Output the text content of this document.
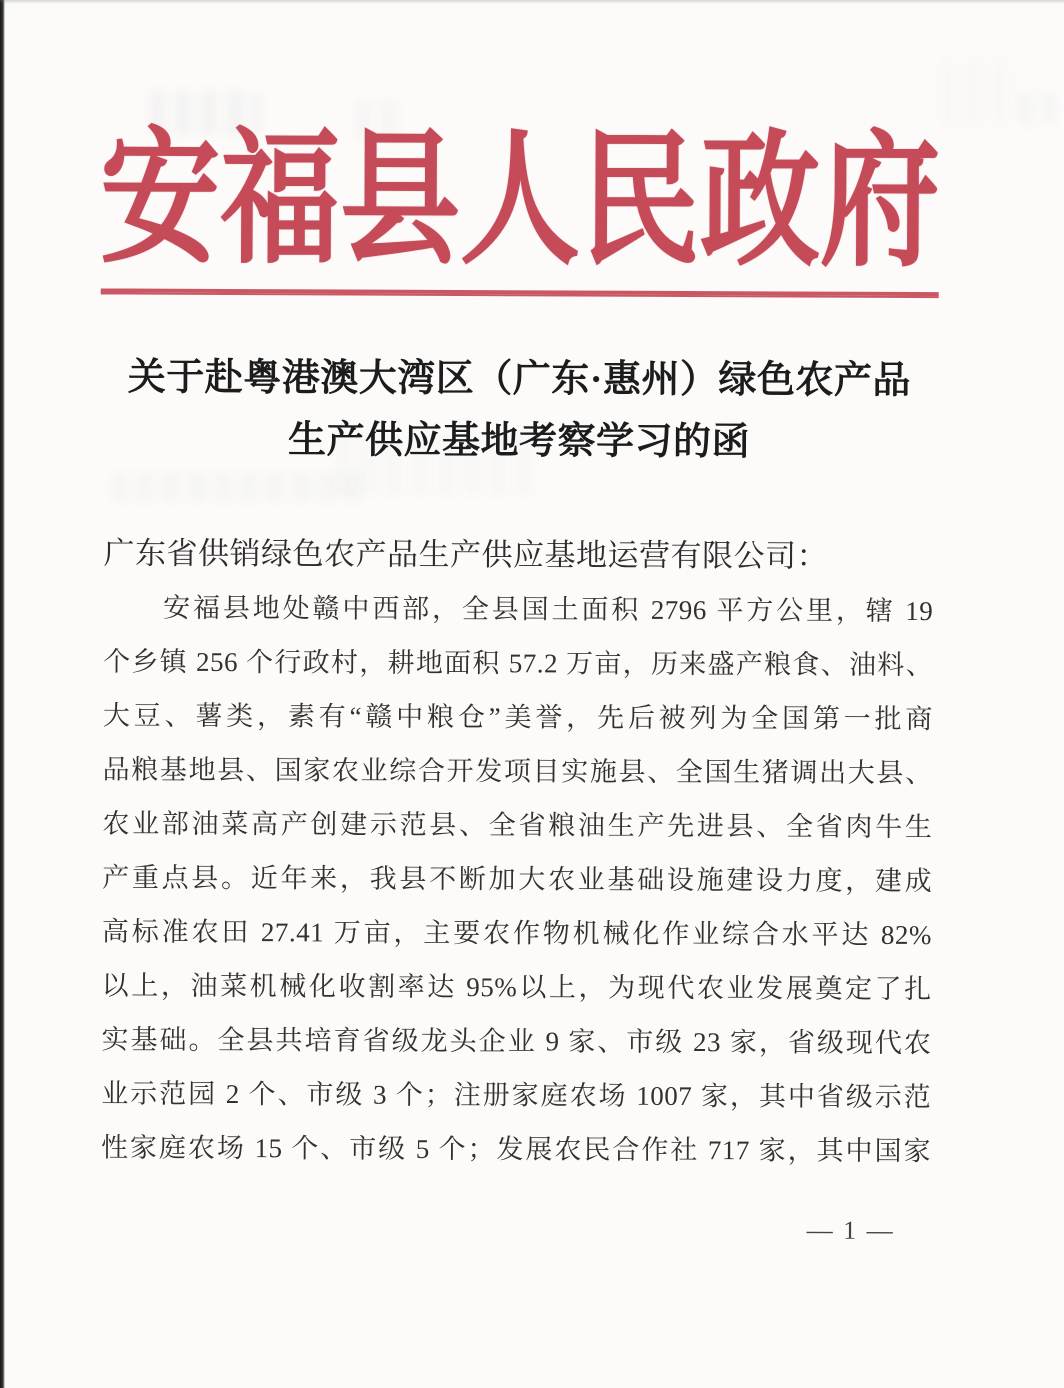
安福县人民政府
关于赴粤港澳大湾区（广东·惠州）绿色农产品
生产供应基地考察学习的函

广东省供销绿色农产品生产供应基地运营有限公司：

　　安福县地处赣中西部，全县国土面积 2796 平方公里，辖 19
个乡镇 256 个行政村，耕地面积 57.2 万亩，历来盛产粮食、油料、
大豆、薯类，素有“赣中粮仓”美誉，先后被列为全国第一批商
品粮基地县、国家农业综合开发项目实施县、全国生猪调出大县、
农业部油菜高产创建示范县、全省粮油生产先进县、全省肉牛生
产重点县。近年来，我县不断加大农业基础设施建设力度，建成
高标准农田 27.41 万亩，主要农作物机械化作业综合水平达 82%
以上，油菜机械化收割率达 95%以上，为现代农业发展奠定了扎
实基础。全县共培育省级龙头企业 9 家、市级 23 家，省级现代农
业示范园 2 个、市级 3 个；注册家庭农场 1007 家，其中省级示范
性家庭农场 15 个、市级 5 个；发展农民合作社 717 家，其中国家
— 1 —
